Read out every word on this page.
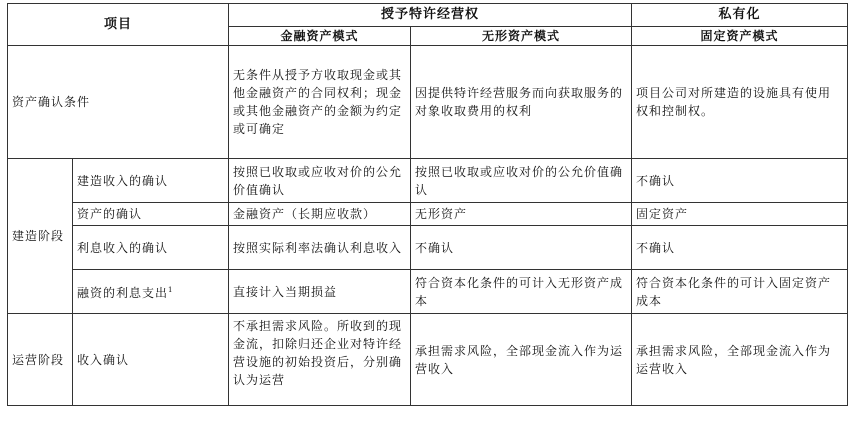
项目		授予特许经营权		私有化
		金融资产模式	无形资产模式	固定资产模式
资产确认条件		无条件从授予方收取现金或其他金融资产的合同权利；现金或其他金融资产的金额为约定或可确定	因提供特许经营服务而向获取服务的对象收取费用的权利	项目公司对所建造的设施具有使用权和控制权。
建造阶段	建造收入的确认	按照已收取或应收对价的公允价值确认	按照已收取或应收对价的公允价值确认	不确认
	资产的确认	金融资产（长期应收款）	无形资产	固定资产
	利息收入的确认	按照实际利率法确认利息收入	不确认	不确认
	融资的利息支出$^1$	直接计入当期损益	符合资本化条件的可计入无形资产成本	符合资本化条件的可计入固定资产成本
运营阶段	收入确认	不承担需求风险。所收到的现金流，扣除归还企业对特许经营设施的初始投资后，分别确认为运营	承担需求风险，全部现金流入作为运营收入	承担需求风险，全部现金流入作为运营收入
